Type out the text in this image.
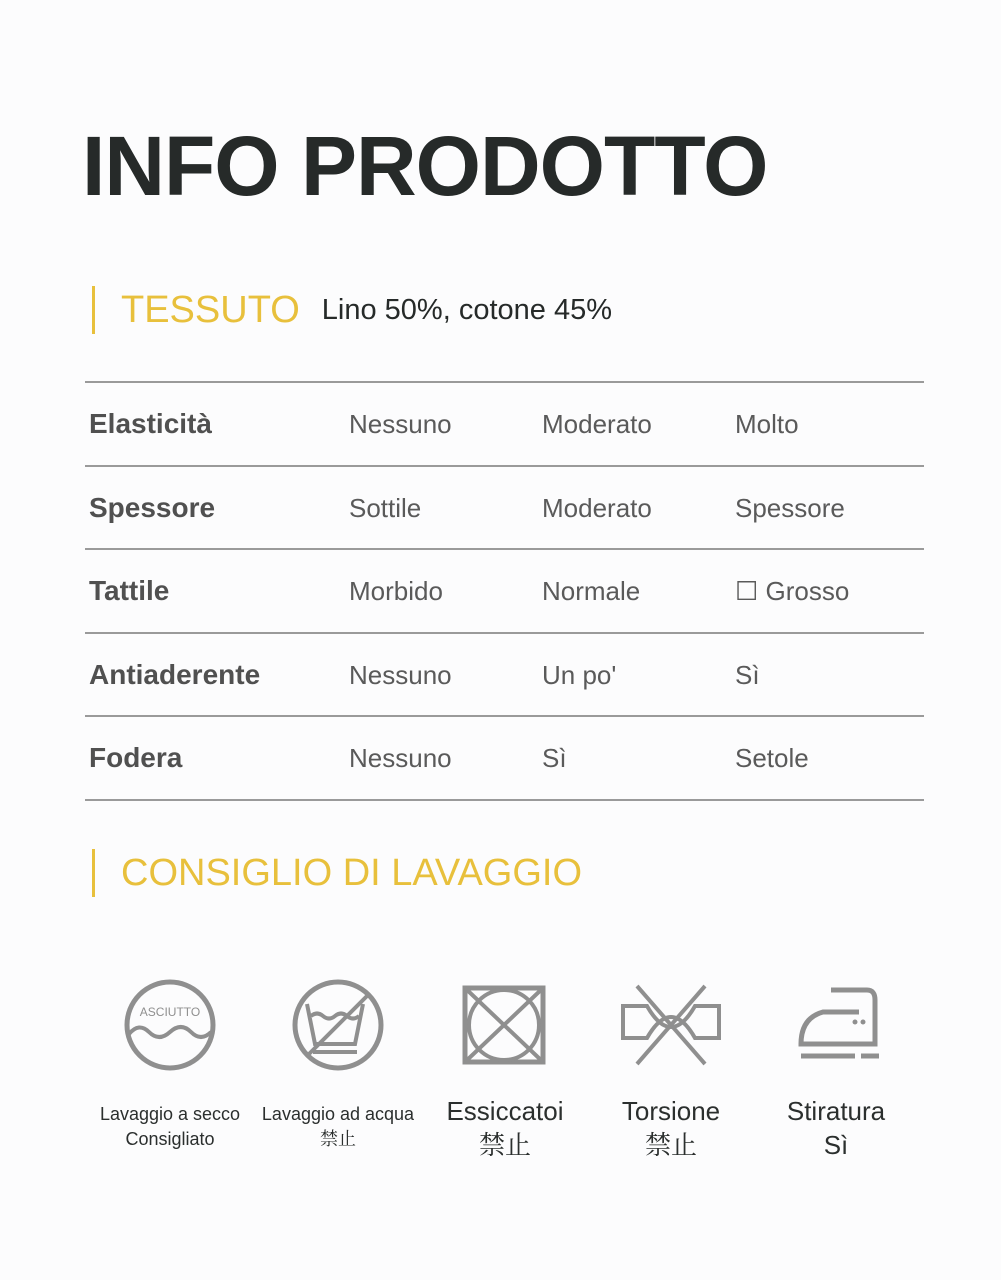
INFO PRODOTTO
TESSUTO Lino 50%, cotone 45%
Elasticità	Nessuno	Moderato	Molto
Spessore	Sottile	Moderato	Spessore
Tattile	Morbido	Normale	☐ Grosso
Antiaderente	Nessuno	Un po'	Sì
Fodera	Nessuno	Sì	Setole
CONSIGLIO DI LAVAGGIO
ASCIUTTO
Lavaggio a secco
Consigliato
Lavaggio ad acqua
禁止
Essiccatoi
禁止
Torsione
禁止
Stiratura
Sì
